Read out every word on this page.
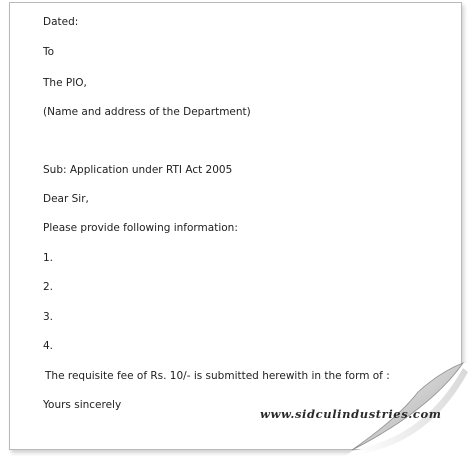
Dated:
To
The PIO,
(Name and address of the Department)
Sub: Application under RTI Act 2005
Dear Sir,
Please provide following information:
1.
2.
3.
4.
The requisite fee of Rs. 10/- is submitted herewith in the form of :
Yours sincerely
www.sidculindustries.com
